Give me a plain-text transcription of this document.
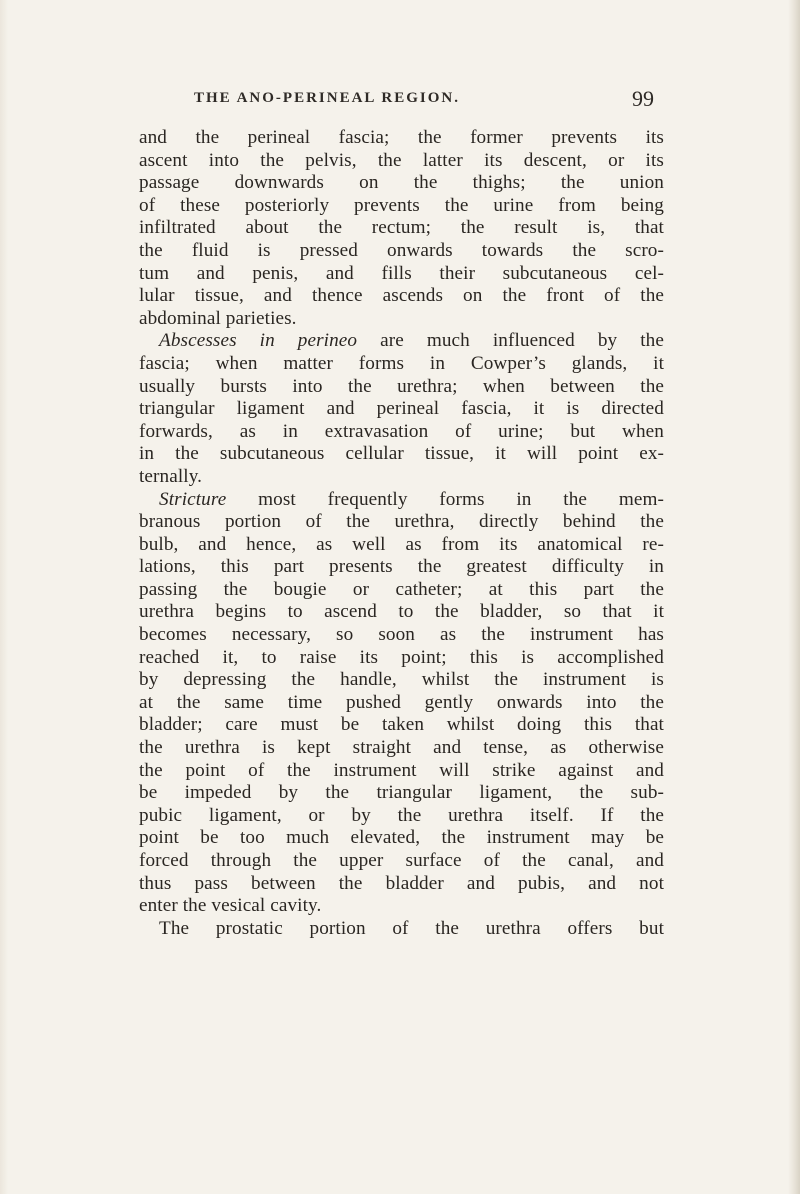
THE ANO-PERINEAL REGION.	99
and the perineal fascia; the former prevents its
ascent into the pelvis, the latter its descent, or its
passage downwards on the thighs; the union
of these posteriorly prevents the urine from being
infiltrated about the rectum; the result is, that
the fluid is pressed onwards towards the scro-
tum and penis, and fills their subcutaneous cel-
lular tissue, and thence ascends on the front of the
abdominal parieties.
Abscesses in perineo are much influenced by the
fascia; when matter forms in Cowper’s glands, it
usually bursts into the urethra; when between the
triangular ligament and perineal fascia, it is directed
forwards, as in extravasation of urine; but when
in the subcutaneous cellular tissue, it will point ex-
ternally.
Stricture most frequently forms in the mem-
branous portion of the urethra, directly behind the
bulb, and hence, as well as from its anatomical re-
lations, this part presents the greatest difficulty in
passing the bougie or catheter; at this part the
urethra begins to ascend to the bladder, so that it
becomes necessary, so soon as the instrument has
reached it, to raise its point; this is accomplished
by depressing the handle, whilst the instrument is
at the same time pushed gently onwards into the
bladder; care must be taken whilst doing this that
the urethra is kept straight and tense, as otherwise
the point of the instrument will strike against and
be impeded by the triangular ligament, the sub-
pubic ligament, or by the urethra itself. If the
point be too much elevated, the instrument may be
forced through the upper surface of the canal, and
thus pass between the bladder and pubis, and not
enter the vesical cavity.
The prostatic portion of the urethra offers but
